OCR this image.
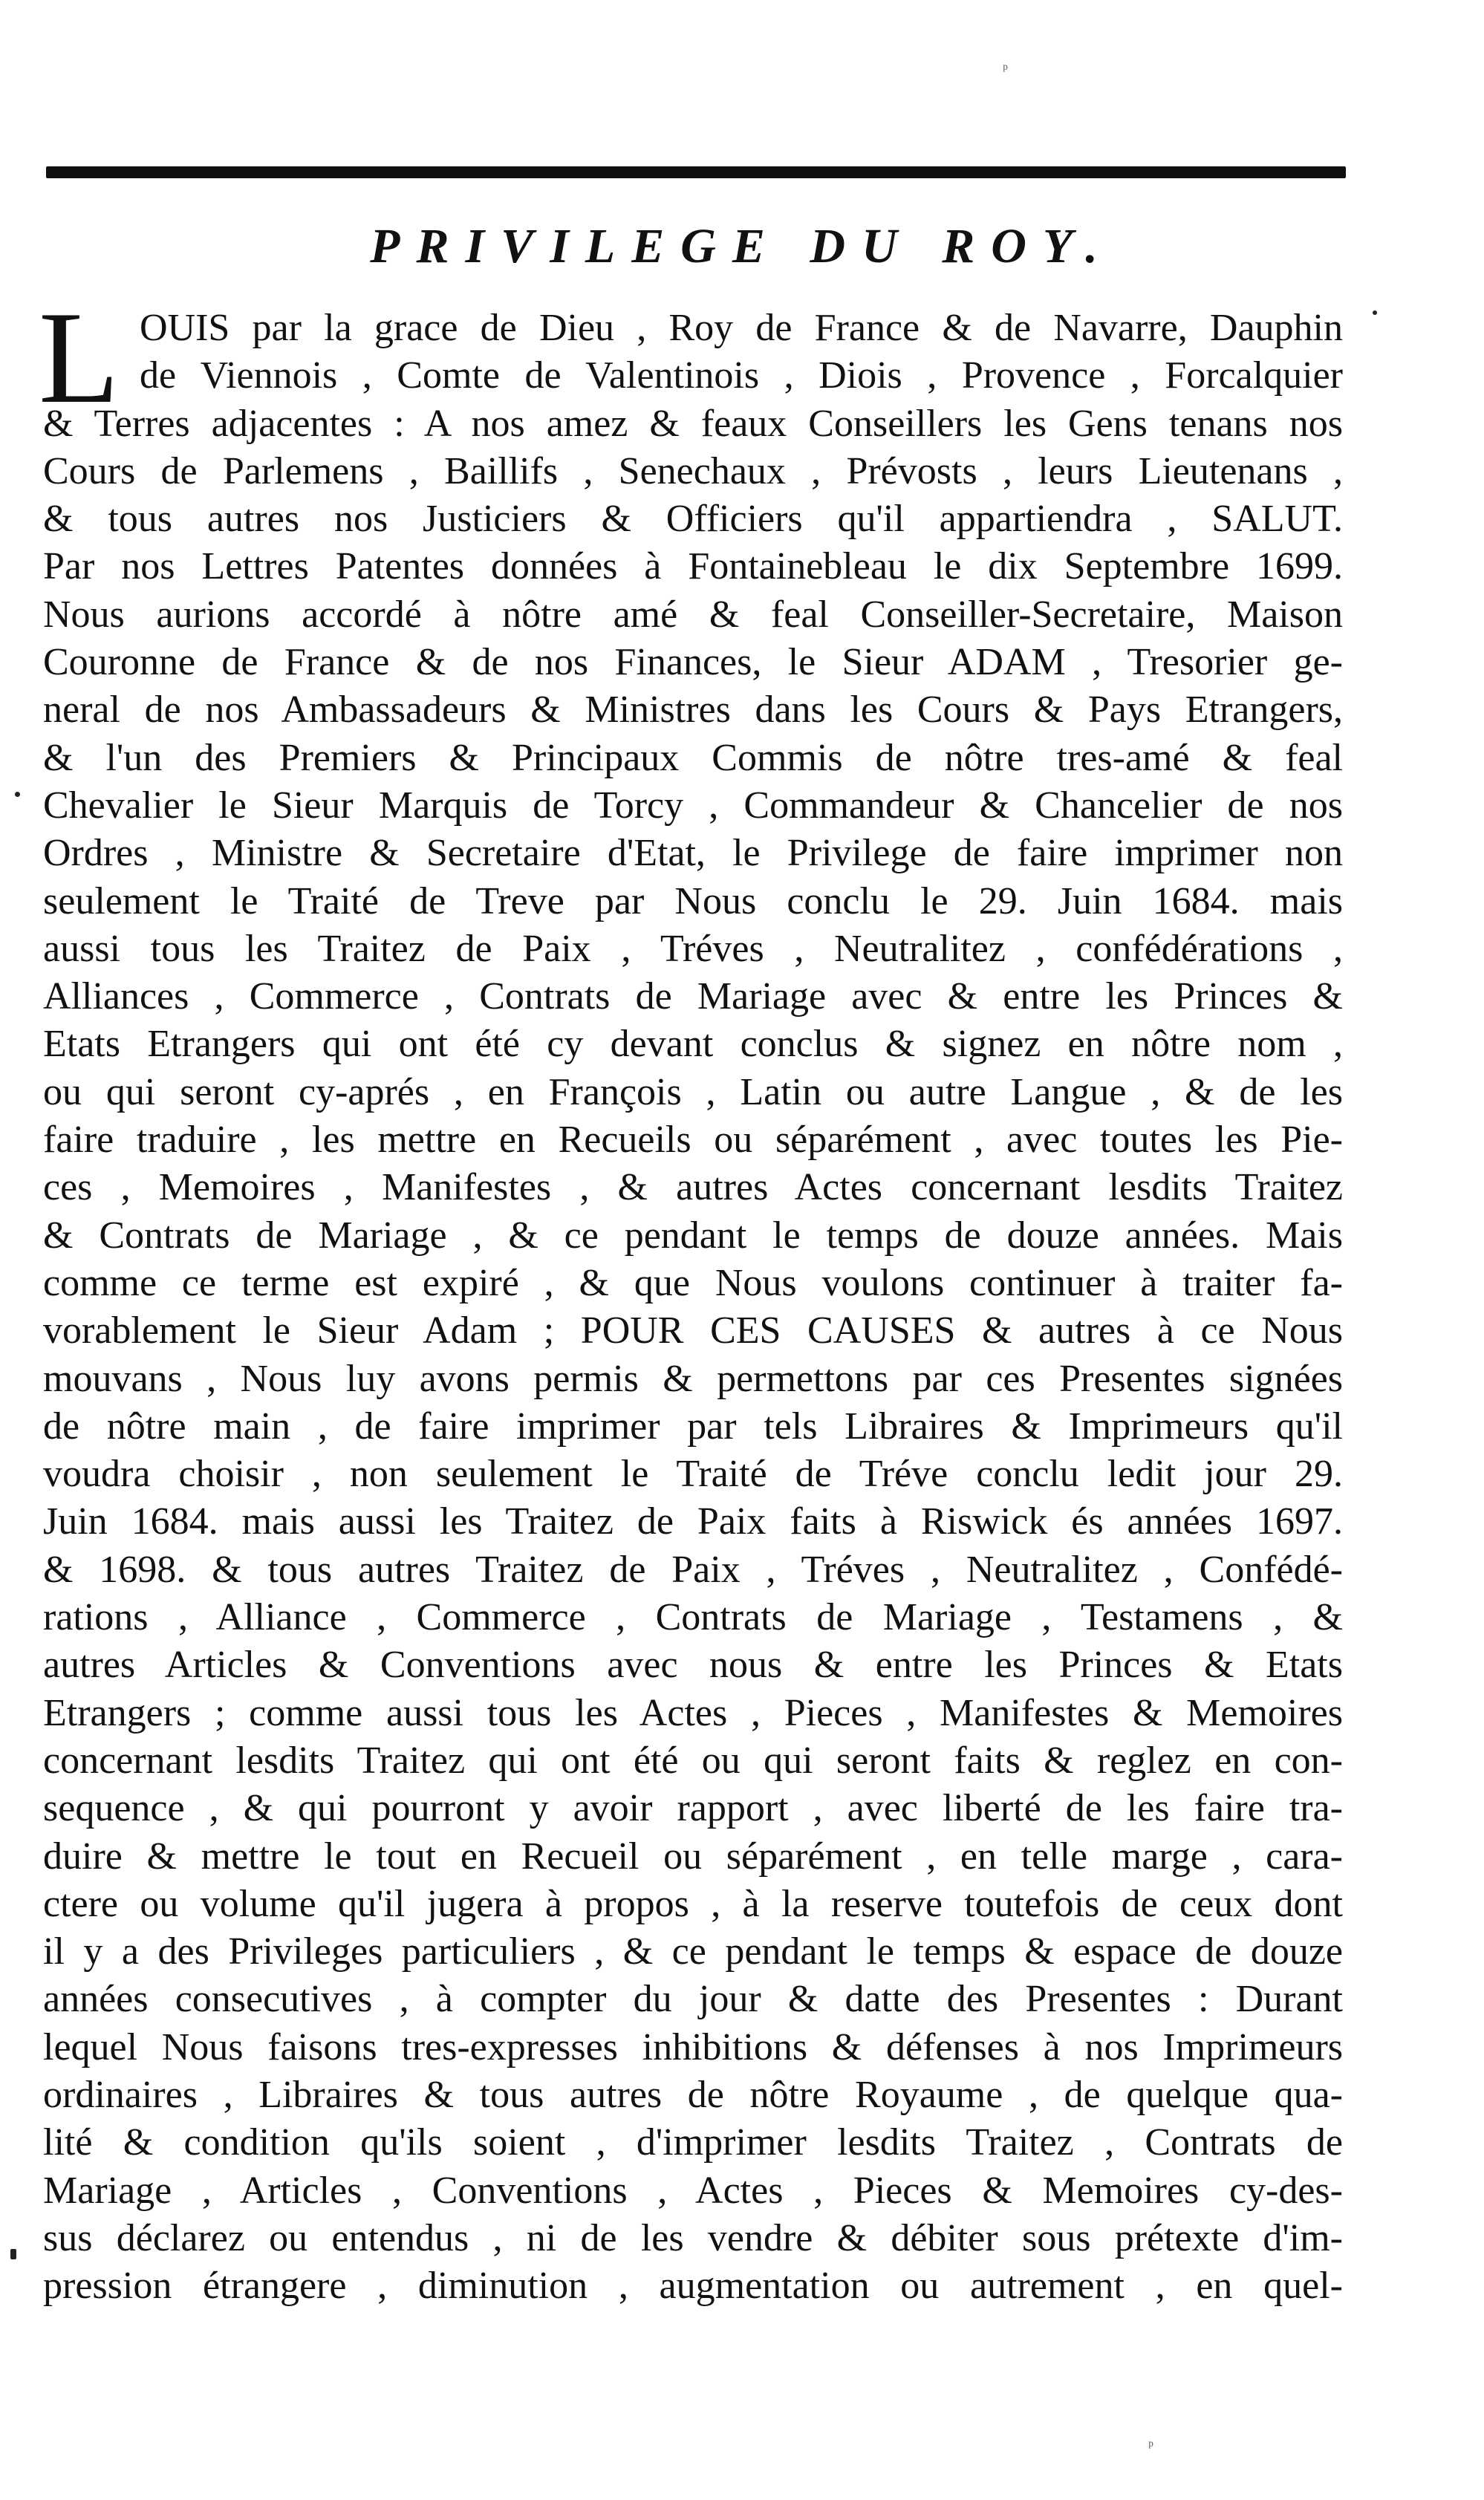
ᵖ
PRIVILEGE DU ROY.
L OUIS par la grace de Dieu , Roy de France & de Navarre, Dauphin
de Viennois , Comte de Valentinois , Diois , Provence , Forcalquier
& Terres adjacentes : A nos amez & feaux Conseillers les Gens tenans nos
Cours de Parlemens , Baillifs , Senechaux , Prévosts , leurs Lieutenans ,
& tous autres nos Justiciers & Officiers qu'il appartiendra , SALUT.
Par nos Lettres Patentes données à Fontainebleau le dix Septembre 1699.
Nous aurions accordé à nôtre amé & feal Conseiller-Secretaire, Maison
Couronne de France & de nos Finances, le Sieur ADAM , Tresorier ge-
neral de nos Ambassadeurs & Ministres dans les Cours & Pays Etrangers,
& l'un des Premiers & Principaux Commis de nôtre tres-amé & feal
Chevalier le Sieur Marquis de Torcy , Commandeur & Chancelier de nos
Ordres , Ministre & Secretaire d'Etat, le Privilege de faire imprimer non
seulement le Traité de Treve par Nous conclu le 29. Juin 1684. mais
aussi tous les Traitez de Paix , Tréves , Neutralitez , confédérations ,
Alliances , Commerce , Contrats de Mariage avec & entre les Princes &
Etats Etrangers qui ont été cy devant conclus & signez en nôtre nom ,
ou qui seront cy-aprés , en François , Latin ou autre Langue , & de les
faire traduire , les mettre en Recueils ou séparément , avec toutes les Pie-
ces , Memoires , Manifestes , & autres Actes concernant lesdits Traitez
& Contrats de Mariage , & ce pendant le temps de douze années. Mais
comme ce terme est expiré , & que Nous voulons continuer à traiter fa-
vorablement le Sieur Adam ; POUR CES CAUSES & autres à ce Nous
mouvans , Nous luy avons permis & permettons par ces Presentes signées
de nôtre main , de faire imprimer par tels Libraires & Imprimeurs qu'il
voudra choisir , non seulement le Traité de Tréve conclu ledit jour 29.
Juin 1684. mais aussi les Traitez de Paix faits à Riswick és années 1697.
& 1698. & tous autres Traitez de Paix , Tréves , Neutralitez , Confédé-
rations , Alliance , Commerce , Contrats de Mariage , Testamens , &
autres Articles & Conventions avec nous & entre les Princes & Etats
Etrangers ; comme aussi tous les Actes , Pieces , Manifestes & Memoires
concernant lesdits Traitez qui ont été ou qui seront faits & reglez en con-
sequence , & qui pourront y avoir rapport , avec liberté de les faire tra-
duire & mettre le tout en Recueil ou séparément , en telle marge , cara-
ctere ou volume qu'il jugera à propos , à la reserve toutefois de ceux dont
il y a des Privileges particuliers , & ce pendant le temps & espace de douze
années consecutives , à compter du jour & datte des Presentes : Durant
lequel Nous faisons tres-expresses inhibitions & défenses à nos Imprimeurs
ordinaires , Libraires & tous autres de nôtre Royaume , de quelque qua-
lité & condition qu'ils soient , d'imprimer lesdits Traitez , Contrats de
Mariage , Articles , Conventions , Actes , Pieces & Memoires cy-des-
sus déclarez ou entendus , ni de les vendre & débiter sous prétexte d'im-
pression étrangere , diminution , augmentation ou autrement , en quel-
ᵖ
